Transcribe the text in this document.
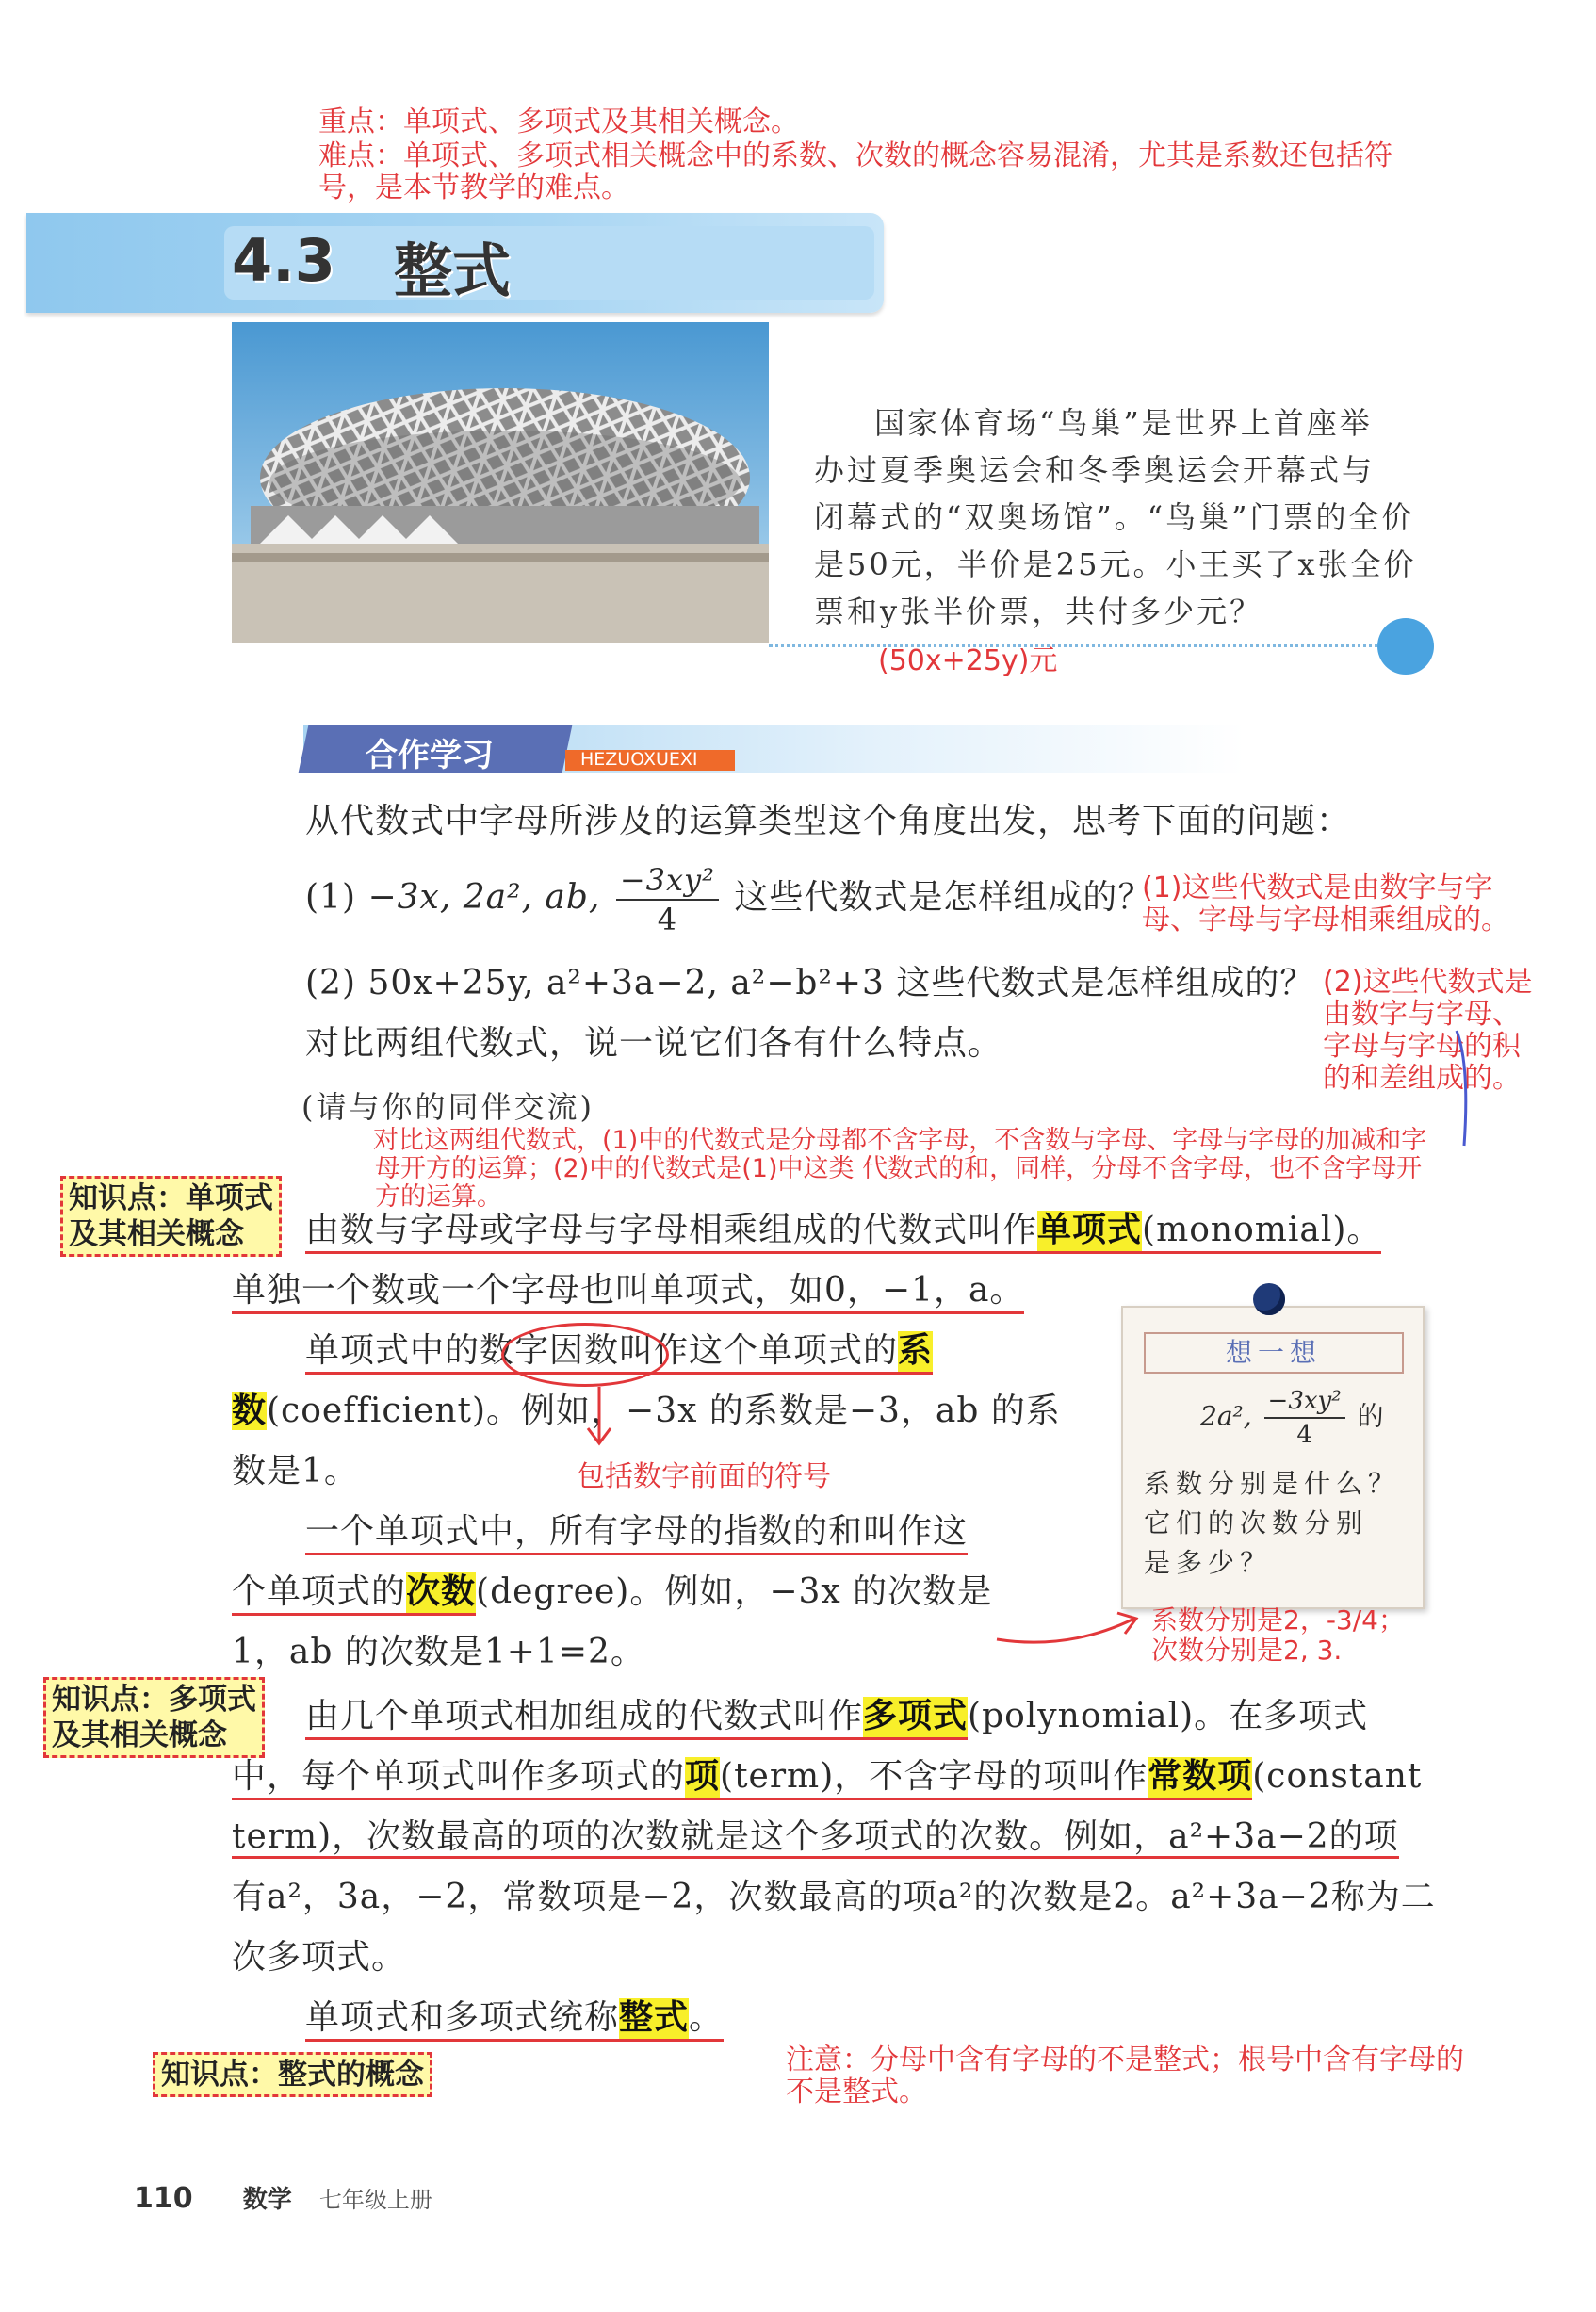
重点：单项式、多项式及其相关概念。
难点：单项式、多项式相关概念中的系数、次数的概念容易混淆，尤其是系数还包括符
号，是本节教学的难点。
4.3 整式
国家体育场“鸟巢”是世界上首座举
办过夏季奥运会和冬季奥运会开幕式与
闭幕式的“双奥场馆”。“鸟巢”门票的全价
是50元，半价是25元。小王买了x张全价
票和y张半价票，共付多少元？
(50x+25y)元
合作学习	HEZUOXUEXI
从代数式中字母所涉及的运算类型这个角度出发，思考下面的问题：
(1) −3x, 2a², ab, $\frac{\text{−3xy²}}{4}$ 这些代数式是怎样组成的？
(2) 50x+25y, a²+3a−2, a²−b²+3 这些代数式是怎样组成的？
对比两组代数式，说一说它们各有什么特点。
(请与你的同伴交流)
(1)这些代数式是由数字与字
母、字母与字母相乘组成的。
(2)这些代数式是
由数字与字母、
字母与字母的积
的和差组成的。
对比这两组代数式，(1)中的代数式是分母都不含字母，不含数与字母、字母与字母的加减和字
母开方的运算；(2)中的代数式是(1)中这类 代数式的和，同样，分母不含字母，也不含字母开
方的运算。
知识点：单项式
及其相关概念	由数与字母或字母与字母相乘组成的代数式叫作单项式(monomial)。
单独一个数或一个字母也叫单项式，如0，−1，a。
单项式中的数字因数叫作这个单项式的系
数(coefficient)。例如，−3x 的系数是−3，ab 的系
数是1。	包括数字前面的符号
一个单项式中，所有字母的指数的和叫作这
个单项式的次数(degree)。例如，−3x 的次数是
1，ab 的次数是1+1=2。
想一想
2a², $\frac{\text{−3xy²}}{4}$ 的
系数分别是什么？
它们的次数分别
是多少？
系数分别是2，-3/4；
次数分别是2, 3.
知识点：多项式
及其相关概念	由几个单项式相加组成的代数式叫作多项式(polynomial)。在多项式
中，每个单项式叫作多项式的项(term)，不含字母的项叫作常数项(constant
term)，次数最高的项的次数就是这个多项式的次数。例如，a²+3a−2的项
有a²，3a，−2，常数项是−2，次数最高的项a²的次数是2。a²+3a−2称为二
次多项式。
单项式和多项式统称整式。
知识点：整式的概念	注意：分母中含有字母的不是整式；根号中含有字母的
不是整式。
110 数学 七年级上册
